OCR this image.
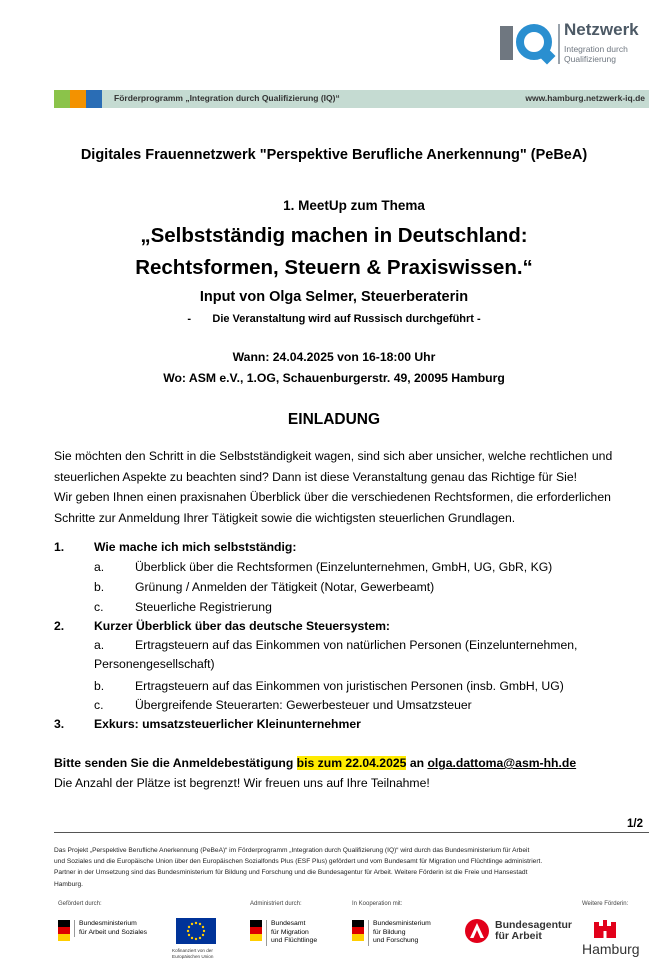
Netzwerk
Integration durch
Qualifizierung
Förderprogramm „Integration durch Qualifizierung (IQ)“	www.hamburg.netzwerk-iq.de
Digitales Frauennetzwerk "Perspektive Berufliche Anerkennung" (PeBeA)
1. MeetUp zum Thema
„Selbstständig machen in Deutschland:
Rechtsformen, Steuern & Praxiswissen.“
Input von Olga Selmer, Steuerberaterin
-       Die Veranstaltung wird auf Russisch durchgeführt -
Wann: 24.04.2025 von 16-18:00 Uhr
Wo: ASM e.V., 1.OG, Schauenburgerstr. 49, 20095 Hamburg
EINLADUNG
Sie möchten den Schritt in die Selbstständigkeit wagen, sind sich aber unsicher, welche rechtlichen und
steuerlichen Aspekte zu beachten sind? Dann ist diese Veranstaltung genau das Richtige für Sie!
Wir geben Ihnen einen praxisnahen Überblick über die verschiedenen Rechtsformen, die erforderlichen
Schritte zur Anmeldung Ihrer Tätigkeit sowie die wichtigsten steuerlichen Grundlagen.
1. Wie mache ich mich selbstständig:
a.	Überblick über die Rechtsformen (Einzelunternehmen, GmbH, UG, GbR, KG)
b.	Grünung / Anmelden der Tätigkeit (Notar, Gewerbeamt)
c.	Steuerliche Registrierung
2. Kurzer Überblick über das deutsche Steuersystem:
a.	Ertragsteuern auf das Einkommen von natürlichen Personen (Einzelunternehmen,
Personengesellschaft)
b.	Ertragsteuern auf das Einkommen von juristischen Personen (insb. GmbH, UG)
c.	Übergreifende Steuerarten: Gewerbesteuer und Umsatzsteuer
3. Exkurs: umsatzsteuerlicher Kleinunternehmer
Bitte senden Sie die Anmeldebestätigung bis zum 22.04.2025 an olga.dattoma@asm-hh.de
Die Anzahl der Plätze ist begrenzt! Wir freuen uns auf Ihre Teilnahme!
1/2
Das Projekt „Perspektive Berufliche Anerkennung (PeBeA)“ im Förderprogramm „Integration durch Qualifizierung (IQ)“ wird durch das Bundesministerium für Arbeit
und Soziales und die Europäische Union über den Europäischen Sozialfonds Plus (ESF Plus) gefördert und vom Bundesamt für Migration und Flüchtlinge administriert.
Partner in der Umsetzung sind das Bundesministerium für Bildung und Forschung und die Bundesagentur für Arbeit. Weitere Förderin ist die Freie und Hansestadt
Hamburg.
Gefördert durch:	Administriert durch:	In Kooperation mit:	Weitere Förderin:
Bundesministerium
für Arbeit und Soziales
Kofinanziert von der
Europäischen Union
Bundesamt
für Migration
und Flüchtlinge
Bundesministerium
für Bildung
und Forschung
Bundesagentur
für Arbeit
Hamburg
